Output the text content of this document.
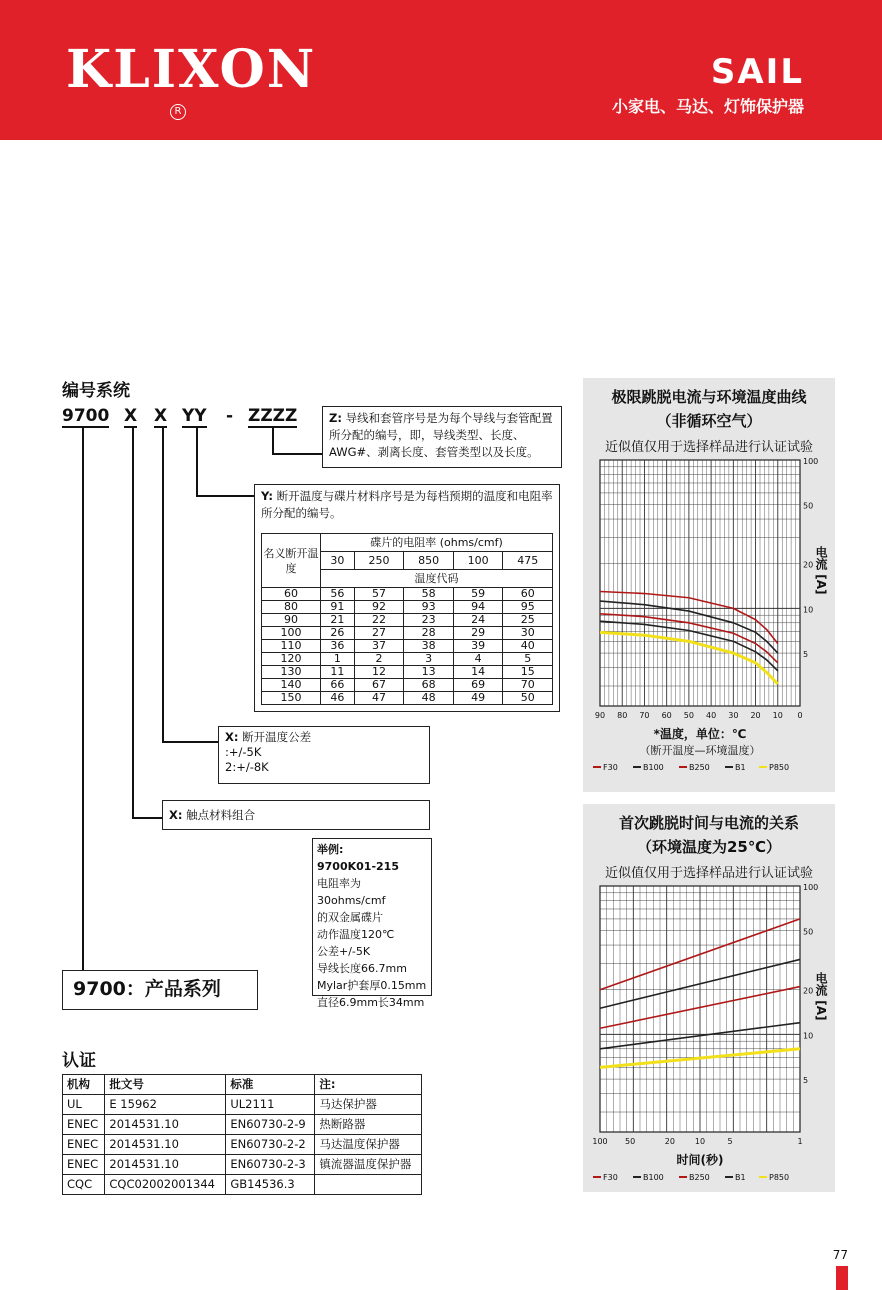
KLIXON
R
SAIL
小家电、马达、灯饰保护器
编号系统
9700 X X YY - ZZZZ	Z: 导线和套管序号是为每个导线与套管配置所分配的编号，即，导线类型、长度、AWG#、剥离长度、套管类型以及长度。
Y: 断开温度与碟片材料序号是为每档预期的温度和电阻率所分配的编号。
名义断开温度	碟片的电阻率 (ohms/cmf)				
	30	250	850	100	475
	温度代码				
60	56	57	58	59	60
80	91	92	93	94	95
90	21	22	23	24	25
100	26	27	28	29	30
110	36	37	38	39	40
120	1	2	3	4	5
130	11	12	13	14	15
140	66	67	68	69	70
150	46	47	48	49	50
X: 断开温度公差
:+/-5K
2:+/-8K
X: 触点材料组合
举例:
9700K01-215
电阻率为30ohms/cmf
的双金属碟片
动作温度120℃
公差+/-5K
导线长度66.7mm
Mylar护套厚0.15mm
直径6.9mm长34mm
9700：产品系列
认证
机构	批文号	标准	注:
UL	E 15962	UL2111	马达保护器
ENEC	2014531.10	EN60730-2-9	热断路器
ENEC	2014531.10	EN60730-2-2	马达温度保护器
ENEC	2014531.10	EN60730-2-3	镇流器温度保护器
CQC	CQC02002001344	GB14536.3	
极限跳脱电流与环境温度曲线
（非循环空气）
近似值仅用于选择样品进行认证试验
100
50
20
10
5
90 80 70 60 50 40 30 20 10 0
电流 [A]
*温度，单位：℃
（断开温度—环境温度）
F30	B100	B250	B1	P850
首次跳脱时间与电流的关系
（环境温度为25℃）
近似值仅用于选择样品进行认证试验
100
50
20
10
5
100 50	20 10	5	1
电流 [A]
时间(秒)
F30	B100	B250	B1	P850
77
